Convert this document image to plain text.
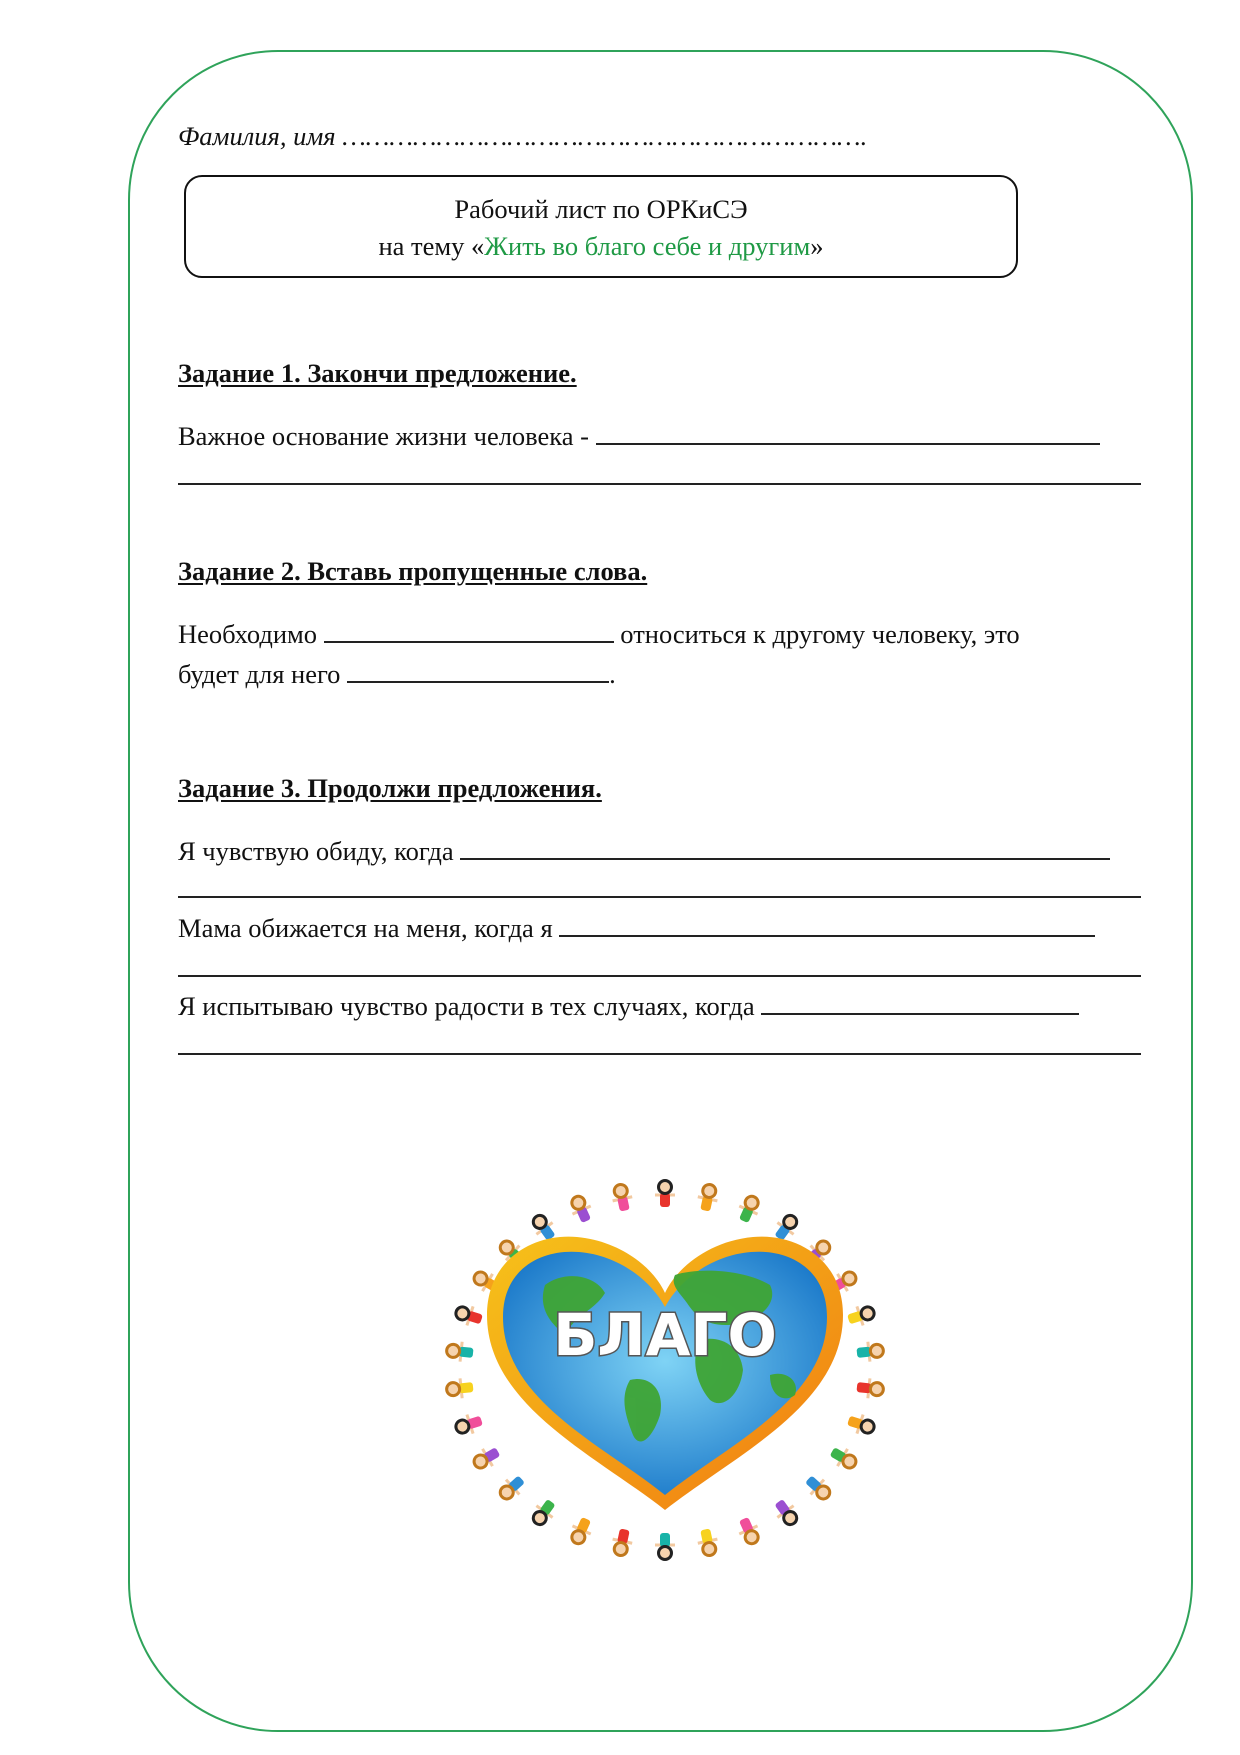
Фамилия, имя ………………………………………………………….
Рабочий лист по ОРКиСЭ
на тему «Жить во благо себе и другим»
Задание 1. Закончи предложение.
Важное основание жизни человека -
Задание 2. Вставь пропущенные слова.
Необходимо	относиться к другому человеку, это
будет для него	.
Задание 3. Продолжи предложения.
Я чувствую обиду, когда
Мама обижается на меня, когда я
Я испытываю чувство радости в тех случаях, когда
БЛАГО
